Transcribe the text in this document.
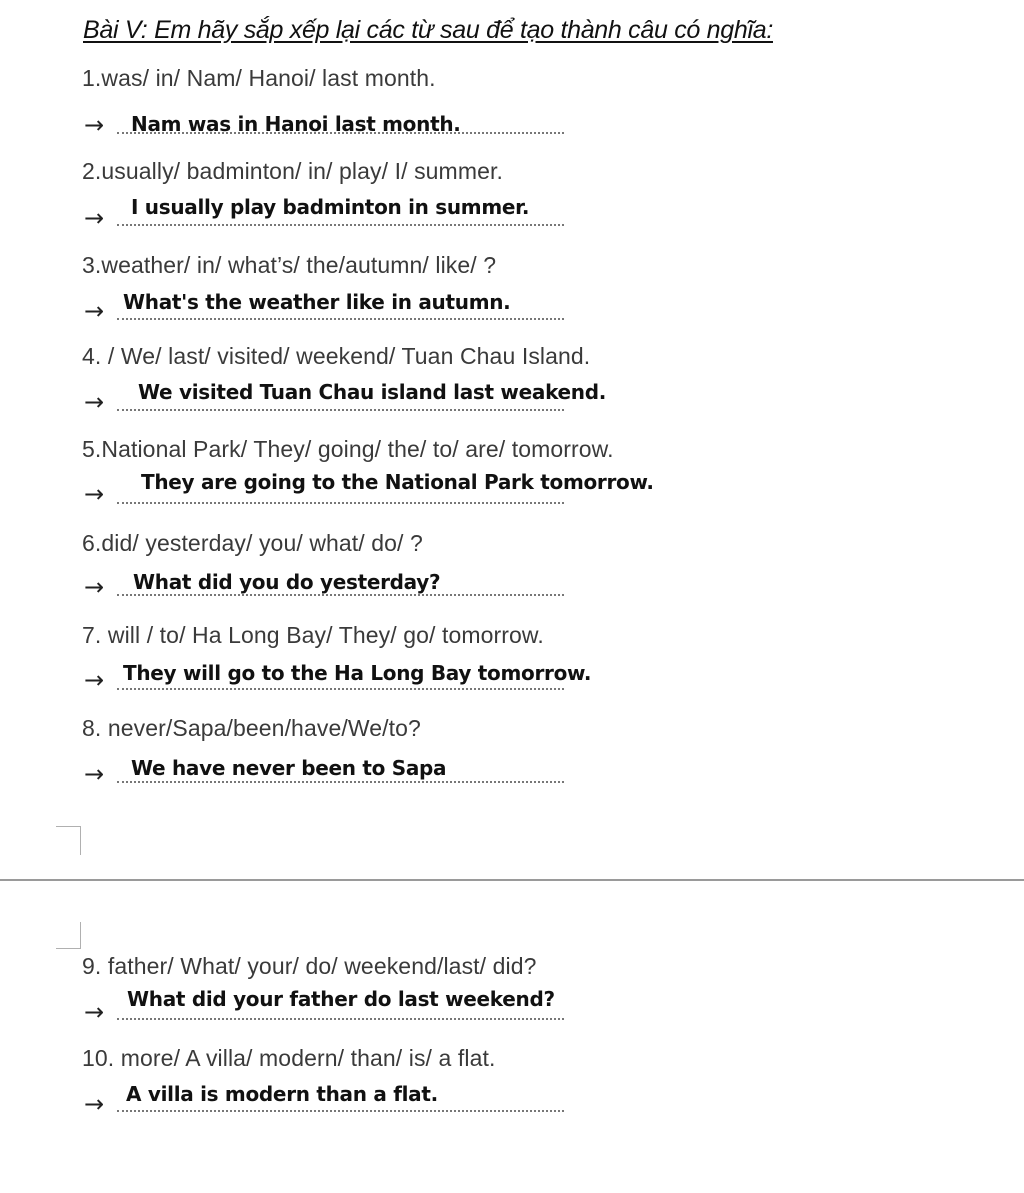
Bài V: Em hãy sắp xếp lại các từ sau để tạo thành câu có nghĩa:
1.was/ in/ Nam/ Hanoi/ last month.
→ Nam was in Hanoi last month.
2.usually/ badminton/ in/ play/ I/ summer.
→ I usually play badminton in summer.
3.weather/ in/ what’s/ the/autumn/ like/ ?
→ What's the weather like in autumn.
4. / We/ last/ visited/ weekend/ Tuan Chau Island.
→ We visited Tuan Chau island last weakend.
5.National Park/ They/ going/ the/ to/ are/ tomorrow.
→ They are going to the National Park tomorrow.
6.did/ yesterday/ you/ what/ do/ ?
→ What did you do yesterday?
7. will / to/ Ha Long Bay/ They/ go/ tomorrow.
→ They will go to the Ha Long Bay tomorrow.
8. never/Sapa/been/have/We/to?
→ We have never been to Sapa
9. father/ What/ your/ do/ weekend/last/ did?
→ What did your father do last weekend?
10. more/ A villa/ modern/ than/ is/ a flat.
→ A villa is modern than a flat.
